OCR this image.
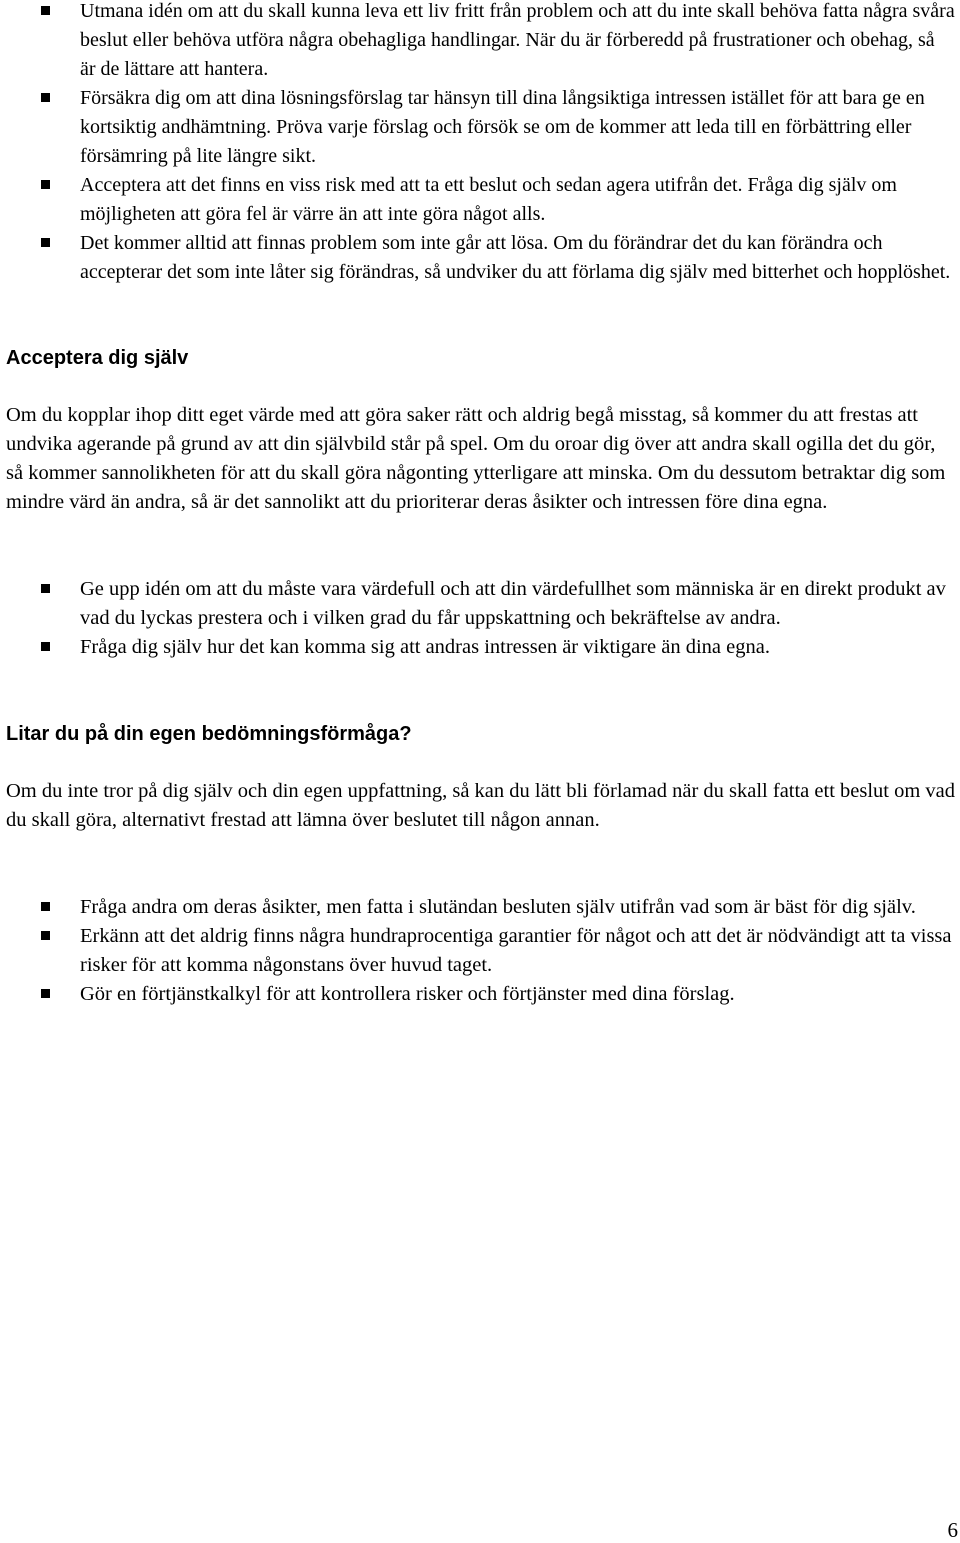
Utmana idén om att du skall kunna leva ett liv fritt från problem och att du inte skall behöva fatta några svåra beslut eller behöva utföra några obehagliga handlingar. När du är förberedd på frustrationer och obehag, så är de lättare att hantera.
Försäkra dig om att dina lösningsförslag tar hänsyn till dina långsiktiga intressen istället för att bara ge en kortsiktig andhämtning. Pröva varje förslag och försök se om de kommer att leda till en förbättring eller försämring på lite längre sikt.
Acceptera att det finns en viss risk med att ta ett beslut och sedan agera utifrån det. Fråga dig själv om möjligheten att göra fel är värre än att inte göra något alls.
Det kommer alltid att finnas problem som inte går att lösa. Om du förändrar det du kan förändra och accepterar det som inte låter sig förändras, så undviker du att förlama dig själv med bitterhet och hopplöshet.
Acceptera dig själv

Om du kopplar ihop ditt eget värde med att göra saker rätt och aldrig begå misstag, så kommer du att frestas att undvika agerande på grund av att din självbild står på spel. Om du oroar dig över att andra skall ogilla det du gör, så kommer sannolikheten för att du skall göra någonting ytterligare att minska. Om du dessutom betraktar dig som mindre värd än andra, så är det sannolikt att du prioriterar deras åsikter och intressen före dina egna.

Ge upp idén om att du måste vara värdefull och att din värdefullhet som människa är en direkt produkt av vad du lyckas prestera och i vilken grad du får uppskattning och bekräftelse av andra.
Fråga dig själv hur det kan komma sig att andras intressen är viktigare än dina egna.
Litar du på din egen bedömningsförmåga?

Om du inte tror på dig själv och din egen uppfattning, så kan du lätt bli förlamad när du skall fatta ett beslut om vad du skall göra, alternativt frestad att lämna över beslutet till någon annan.

Fråga andra om deras åsikter, men fatta i slutändan besluten själv utifrån vad som är bäst för dig själv.
Erkänn att det aldrig finns några hundraprocentiga garantier för något och att det är nödvändigt att ta vissa risker för att komma någonstans över huvud taget.
Gör en förtjänstkalkyl för att kontrollera risker och förtjänster med dina förslag.
6
